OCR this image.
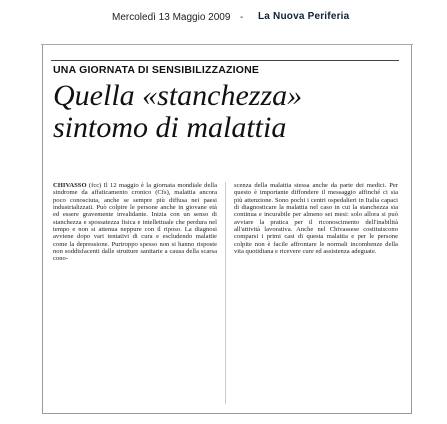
Mercoledì 13 Maggio 2009 - La Nuova Periferia
UNA GIORNATA DI SENSIBILIZZAZIONE
Quella «stanchezza»
sintomo di malattia
CHIVASSO (fcc) Il 12 maggio è la giornata mondiale della sindrome da affaticamento cronico (Cfs), malattia ancora poco conosciuta, anche se sempre più diffusa nei paesi industrializzati. Può colpire le persone anche in giovane età ed essere gravemente invalidante. Inizia con un senso di stanchezza e spossatezza fisica e intellettuale che perdura nel tempo e non si attenua neppure con il riposo. La diagnosi avviene dopo vari tentativi di cura e escludendo malattie come la depressione. Purtroppo spesso non si hanno risposte non soddisfacenti dalle strutture sanitarie a causa della scarsa cono-
scenza della malattia stessa anche da parte dei medici. Per questo è importante diffondere il messaggio affinché ci sia più attenzione. Sono pochi i centri ospedalieri in Italia capaci di diagnosticare la malattia nel caso in cui la stanchezza sia continua e incurabile per almeno sei mesi: solo allora si può avviare la pratica per il riconoscimento dell'inabilità all'attività lavorativa. Anche nel Chivassese costituiscono comparsi i primi casi di questa malattia e per le persone colpite non è facile affrontare le normali incombenze della vita quotidiana e ricevere cure ed assistenza adeguate.
